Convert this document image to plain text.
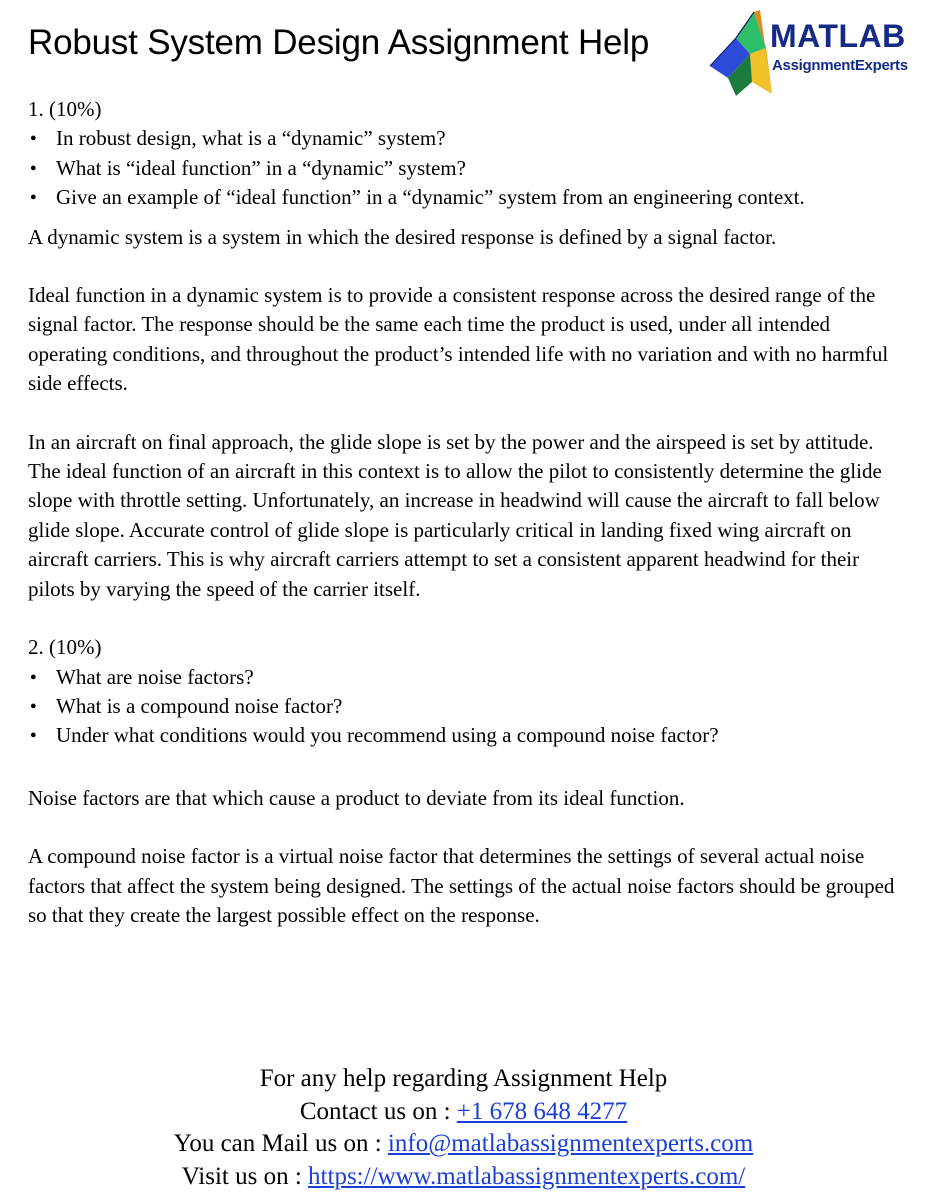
Robust System Design Assignment Help	MATLAB
AssignmentExperts

1. (10%)

● In robust design, what is a “dynamic” system?
● What is “ideal function” in a “dynamic” system?
● Give an example of “ideal function” in a “dynamic” system from an engineering context.

A dynamic system is a system in which the desired response is defined by a signal factor.

Ideal function in a dynamic system is to provide a consistent response across the desired range of the signal factor. The response should be the same each time the product is used, under all intended operating conditions, and throughout the product’s intended life with no variation and with no harmful side effects.

In an aircraft on final approach, the glide slope is set by the power and the airspeed is set by attitude. The ideal function of an aircraft in this context is to allow the pilot to consistently determine the glide slope with throttle setting. Unfortunately, an increase in headwind will cause the aircraft to fall below glide slope. Accurate control of glide slope is particularly critical in landing fixed wing aircraft on aircraft carriers. This is why aircraft carriers attempt to set a consistent apparent headwind for their pilots by varying the speed of the carrier itself.

2. (10%)

● What are noise factors?
● What is a compound noise factor?
● Under what conditions would you recommend using a compound noise factor?

Noise factors are that which cause a product to deviate from its ideal function.

A compound noise factor is a virtual noise factor that determines the settings of several actual noise factors that affect the system being designed. The settings of the actual noise factors should be grouped so that they create the largest possible effect on the response.

For any help regarding Assignment Help

Contact us on : +1 678 648 4277

You can Mail us on : info@matlabassignmentexperts.com

Visit us on : https://www.matlabassignmentexperts.com/
